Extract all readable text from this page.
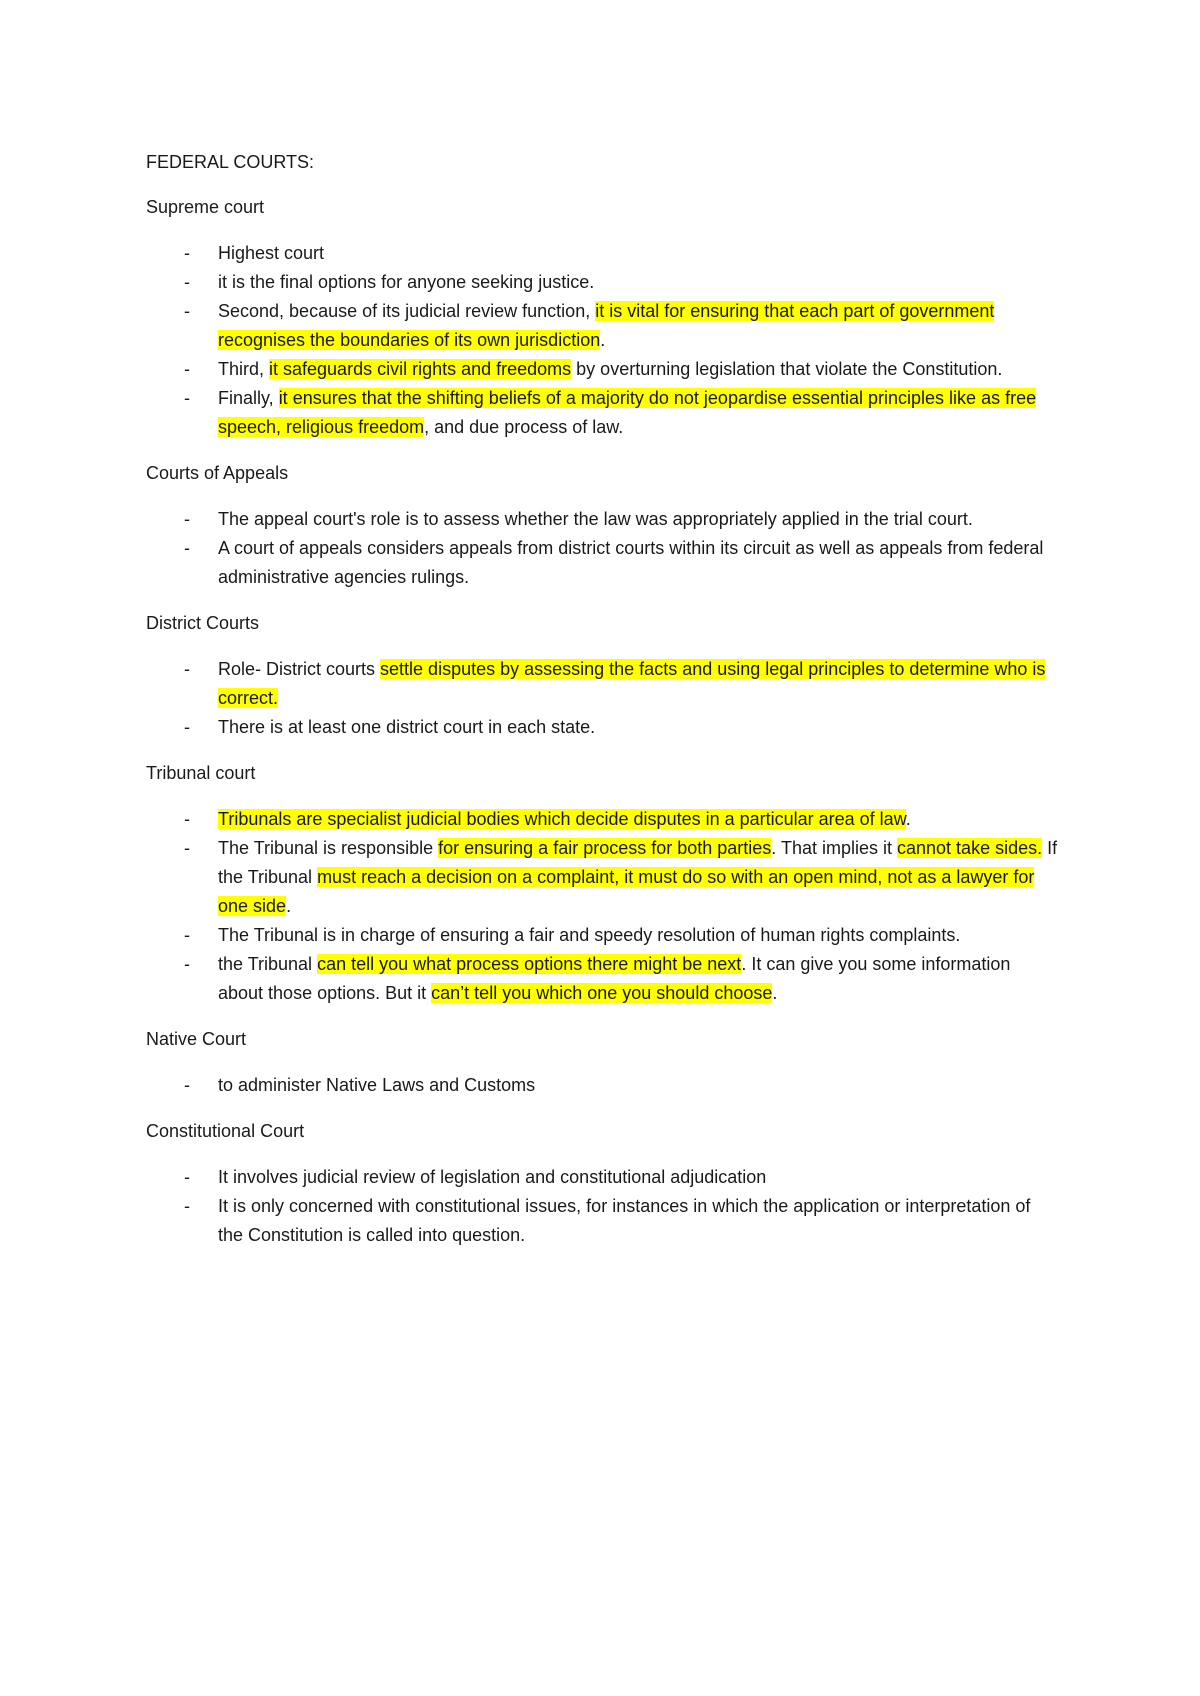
FEDERAL COURTS:

Supreme court

- Highest court
- it is the final options for anyone seeking justice.
- Second, because of its judicial review function, it is vital for ensuring that each part of government recognises the boundaries of its own jurisdiction.
- Third, it safeguards civil rights and freedoms by overturning legislation that violate the Constitution.
- Finally, it ensures that the shifting beliefs of a majority do not jeopardise essential principles like as free speech, religious freedom, and due process of law.

Courts of Appeals

- The appeal court's role is to assess whether the law was appropriately applied in the trial court.
- A court of appeals considers appeals from district courts within its circuit as well as appeals from federal administrative agencies rulings.

District Courts

- Role- District courts settle disputes by assessing the facts and using legal principles to determine who is correct.
- There is at least one district court in each state.

Tribunal court

- Tribunals are specialist judicial bodies which decide disputes in a particular area of law.
- The Tribunal is responsible for ensuring a fair process for both parties. That implies it cannot take sides. If the Tribunal must reach a decision on a complaint, it must do so with an open mind, not as a lawyer for one side.
- The Tribunal is in charge of ensuring a fair and speedy resolution of human rights complaints.
- the Tribunal can tell you what process options there might be next. It can give you some information about those options. But it can’t tell you which one you should choose.

Native Court

- to administer Native Laws and Customs

Constitutional Court

- It involves judicial review of legislation and constitutional adjudication
- It is only concerned with constitutional issues, for instances in which the application or interpretation of the Constitution is called into question.
